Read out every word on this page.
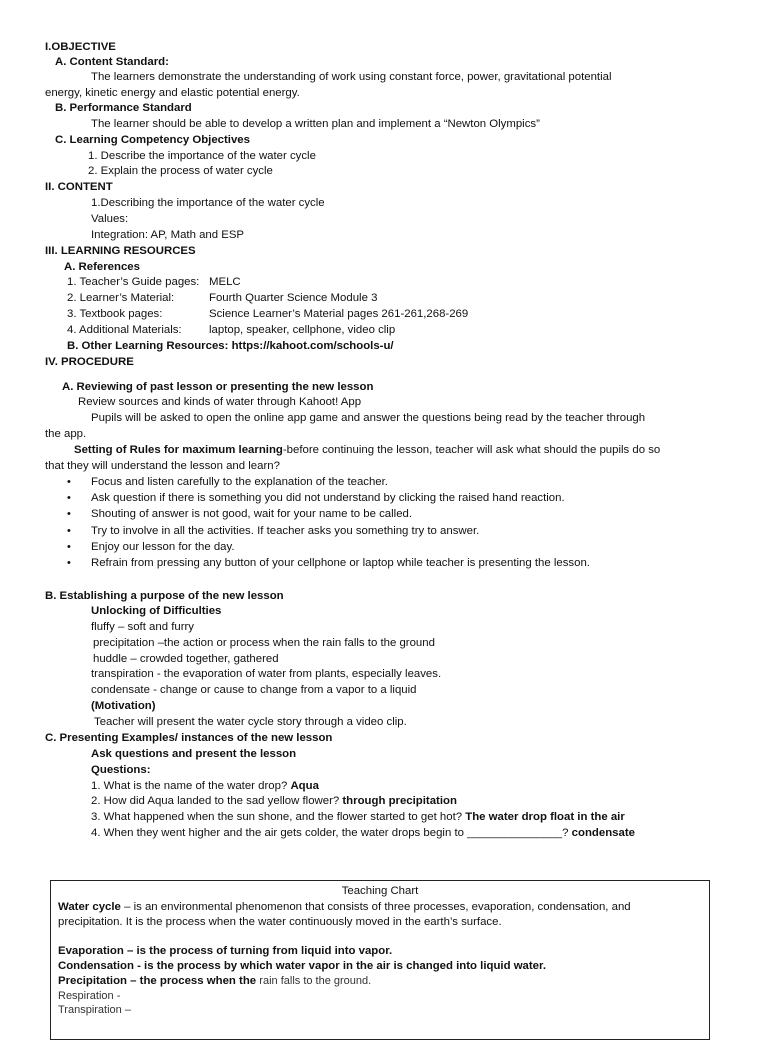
I.OBJECTIVE
A. Content Standard:
The learners demonstrate the understanding of work using constant force, power, gravitational potential
energy, kinetic energy and elastic potential energy.
B. Performance Standard
The learner should be able to develop a written plan and implement a “Newton Olympics”
C. Learning Competency Objectives
1. Describe the importance of the water cycle
2. Explain the process of water cycle
II. CONTENT
1.Describing the importance of the water cycle
Values:
Integration: AP, Math and ESP
III. LEARNING RESOURCES
A. References
1. Teacher’s Guide pages: MELC
2. Learner’s Material:	Fourth Quarter Science Module 3
3. Textbook pages:	Science Learner’s Material pages 261-261,268-269
4. Additional Materials: laptop, speaker, cellphone, video clip
B. Other Learning Resources: https://kahoot.com/schools-u/
IV. PROCEDURE
A. Reviewing of past lesson or presenting the new lesson
Review sources and kinds of water through Kahoot! App
Pupils will be asked to open the online app game and answer the questions being read by the teacher through
the app.
Setting of Rules for maximum learning-before continuing the lesson, teacher will ask what should the pupils do so
that they will understand the lesson and learn?
• Focus and listen carefully to the explanation of the teacher.
• Ask question if there is something you did not understand by clicking the raised hand reaction.
• Shouting of answer is not good, wait for your name to be called.
• Try to involve in all the activities. If teacher asks you something try to answer.
• Enjoy our lesson for the day.
• Refrain from pressing any button of your cellphone or laptop while teacher is presenting the lesson.
B. Establishing a purpose of the new lesson
Unlocking of Difficulties
fluffy – soft and furry
precipitation –the action or process when the rain falls to the ground
huddle – crowded together, gathered
transpiration - the evaporation of water from plants, especially leaves.
condensate - change or cause to change from a vapor to a liquid
(Motivation)
Teacher will present the water cycle story through a video clip.
C. Presenting Examples/ instances of the new lesson
Ask questions and present the lesson
Questions:
1. What is the name of the water drop? Aqua
2. How did Aqua landed to the sad yellow flower? through precipitation
3. What happened when the sun shone, and the flower started to get hot? The water drop float in the air
4. When they went higher and the air gets colder, the water drops begin to _______________? condensate
Teaching Chart
Water cycle – is an environmental phenomenon that consists of three processes, evaporation, condensation, and
precipitation. It is the process when the water continuously moved in the earth’s surface.
Evaporation – is the process of turning from liquid into vapor.
Condensation - is the process by which water vapor in the air is changed into liquid water.
Precipitation – the process when the rain falls to the ground.
Respiration -
Transpiration –
